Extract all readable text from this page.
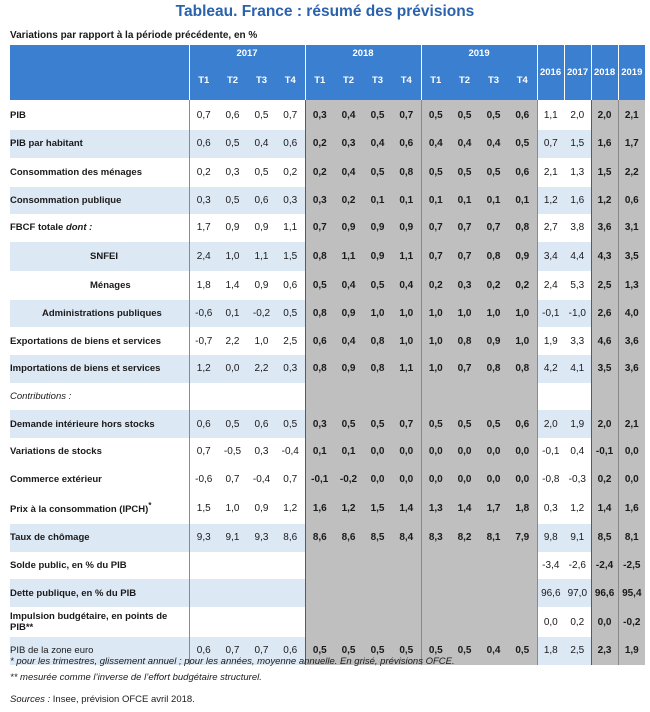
Tableau. France : résumé des prévisions
Variations par rapport à la période précédente, en %
	2017				2018				2019				2016	2017	2018	2019
	T1	T2	T3	T4	T1	T2	T3	T4	T1	T2	T3	T4				
PIB	0,7	0,6	0,5	0,7	0,3	0,4	0,5	0,7	0,5	0,5	0,5	0,6	1,1	2,0	2,0	2,1
PIB par habitant	0,6	0,5	0,4	0,6	0,2	0,3	0,4	0,6	0,4	0,4	0,4	0,5	0,7	1,5	1,6	1,7
Consommation des ménages	0,2	0,3	0,5	0,2	0,2	0,4	0,5	0,8	0,5	0,5	0,5	0,6	2,1	1,3	1,5	2,2
Consommation publique	0,3	0,5	0,6	0,3	0,3	0,2	0,1	0,1	0,1	0,1	0,1	0,1	1,2	1,6	1,2	0,6
FBCF totale dont :	1,7	0,9	0,9	1,1	0,7	0,9	0,9	0,9	0,7	0,7	0,7	0,8	2,7	3,8	3,6	3,1
SNFEI	2,4	1,0	1,1	1,5	0,8	1,1	0,9	1,1	0,7	0,7	0,8	0,9	3,4	4,4	4,3	3,5
Ménages	1,8	1,4	0,9	0,6	0,5	0,4	0,5	0,4	0,2	0,3	0,2	0,2	2,4	5,3	2,5	1,3
Administrations publiques	-0,6	0,1	-0,2	0,5	0,8	0,9	1,0	1,0	1,0	1,0	1,0	1,0	-0,1	-1,0	2,6	4,0
Exportations de biens et services	-0,7	2,2	1,0	2,5	0,6	0,4	0,8	1,0	1,0	0,8	0,9	1,0	1,9	3,3	4,6	3,6
Importations de biens et services	1,2	0,0	2,2	0,3	0,8	0,9	0,8	1,1	1,0	0,7	0,8	0,8	4,2	4,1	3,5	3,6
Contributions :																
Demande intérieure hors stocks	0,6	0,5	0,6	0,5	0,3	0,5	0,5	0,7	0,5	0,5	0,5	0,6	2,0	1,9	2,0	2,1
Variations de stocks	0,7	-0,5	0,3	-0,4	0,1	0,1	0,0	0,0	0,0	0,0	0,0	0,0	-0,1	0,4	-0,1	0,0
Commerce extérieur	-0,6	0,7	-0,4	0,7	-0,1	-0,2	0,0	0,0	0,0	0,0	0,0	0,0	-0,8	-0,3	0,2	0,0
Prix à la consommation (IPCH)*	1,5	1,0	0,9	1,2	1,6	1,2	1,5	1,4	1,3	1,4	1,7	1,8	0,3	1,2	1,4	1,6
Taux de chômage	9,3	9,1	9,3	8,6	8,6	8,6	8,5	8,4	8,3	8,2	8,1	7,9	9,8	9,1	8,5	8,1
Solde public, en % du PIB													-3,4	-2,6	-2,4	-2,5
Dette publique, en % du PIB													96,6	97,0	96,6	95,4
Impulsion budgétaire, en points de PIB**													0,0	0,2	0,0	-0,2
PIB de la zone euro	0,6	0,7	0,7	0,6	0,5	0,5	0,5	0,5	0,5	0,5	0,4	0,5	1,8	2,5	2,3	1,9
* pour les trimestres, glissement annuel ; pour les années, moyenne annuelle. En grisé, prévisions OFCE.
** mesurée comme l’inverse de l’effort budgétaire structurel.
Sources : Insee, prévision OFCE avril 2018.
